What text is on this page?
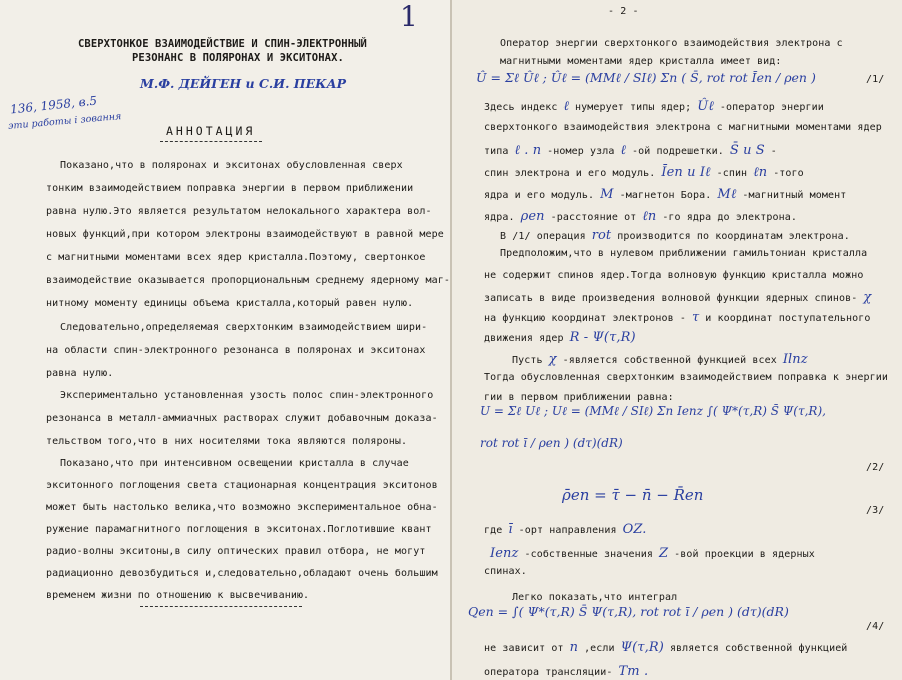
СВЕРХТОНКОЕ ВЗАИМОДЕЙСТВИЕ И СПИН-ЭЛЕКТРОННЫЙ
РЕЗОНАНС В ПОЛЯРОНАХ И ЭКСИТОНАХ.
М.Ф. ДЕЙГЕН и С.И. ПЕКАР
136, 1958, в.5
эти работы і зовання	АННОТАЦИЯ
Показано,что в поляронах и экситонах обусловленная сверх
тонким взаимодействием поправка энергии в первом приближении
равна нулю.Это является результатом нелокального характера вол-
новых функций,при котором электроны взаимодействуют в равной мере
с магнитными моментами всех ядер кристалла.Поэтому, свертонкое
взаимодействие оказывается пропорциональным среднему ядерному маг-
нитному моменту единицы объема кристалла,который равен нулю.
Следовательно,определяемая сверхтонким взаимодействием шири-
на области спин-электронного резонанса в поляронах и экситонах
равна нулю.
Экспериментально установленная узость полос спин-электронного
резонанса в металл-аммиачных растворах служит добавочным доказа-
тельством того,что в них носителями тока являются поляроны.
Показано,что при интенсивном освещении кристалла в случае
экситонного поглощения света стационарная концентрация экситонов
может быть настолько велика,что возможно экспериментальное обна-
ружение парамагнитного поглощения в экситонах.Поглотившие квант
радио-волны экситоны,в силу оптических правил отбора, не могут
радиационно девозбудиться и,следовательно,обладают очень большим
временем жизни по отношению к высвечиванию.
- 2 -
1
Оператор энергии сверхтонкого взаимодействия электрона с
магнитными моментами ядер кристалла имеет вид:
Здесь индекс ℓ нумерует типы ядер; Ûℓ -оператор энергии
сверхтонкого взаимодействия электрона с магнитными моментами ядер
типа ℓ . n -номер узла ℓ -ой подрешетки. S̄ и S -
спин электрона и его модуль. Īen и Iℓ -спин ℓn -того
ядра и его модуль. M -магнетон Бора. Mℓ -магнитный момент
ядра. ρen -расстояние от ℓn -го ядра до электрона.
В /1/ операция rot производится по координатам электрона.
Предположим,что в нулевом приближении гамильтониан кристалла
не содержит спинов ядер.Тогда волновую функцию кристалла можно
записать в виде произведения волновой функции ядерных спинов- χ
на функцию координат электронов - τ и координат поступательного
движения ядер R - Ψ(τ,R)
Пусть χ -является собственной функцией всех Ilnz
Тогда обусловленная сверхтонким взаимодействием поправка к энергии
гии в первом приближении равна:
где ī -орт направления OZ.
Ienz -собственные значения Z -вой проекции в ядерных
спинах.
Легко показать,что интеграл
не зависит от n ,если Ψ(τ,R) является собственной функцией
оператора трансляции- Tm .
Û = Σℓ Ûℓ ; Ûℓ = (MMℓ / SIℓ) Σn ( S̄, rot rot Īen / ρen )	/1/
U = Σℓ Uℓ ; Uℓ = (MMℓ / SIℓ) Σn Ienz ∫( Ψ*(τ,R) S̄ Ψ(τ,R),
rot rot ī / ρen ) (dτ)(dR)
/2/
ρ̄en = τ̄ − n̄ − R̄en
/3/
Qen = ∫( Ψ*(τ,R) S̄ Ψ(τ,R), rot rot ī / ρen ) (dτ)(dR)
/4/
